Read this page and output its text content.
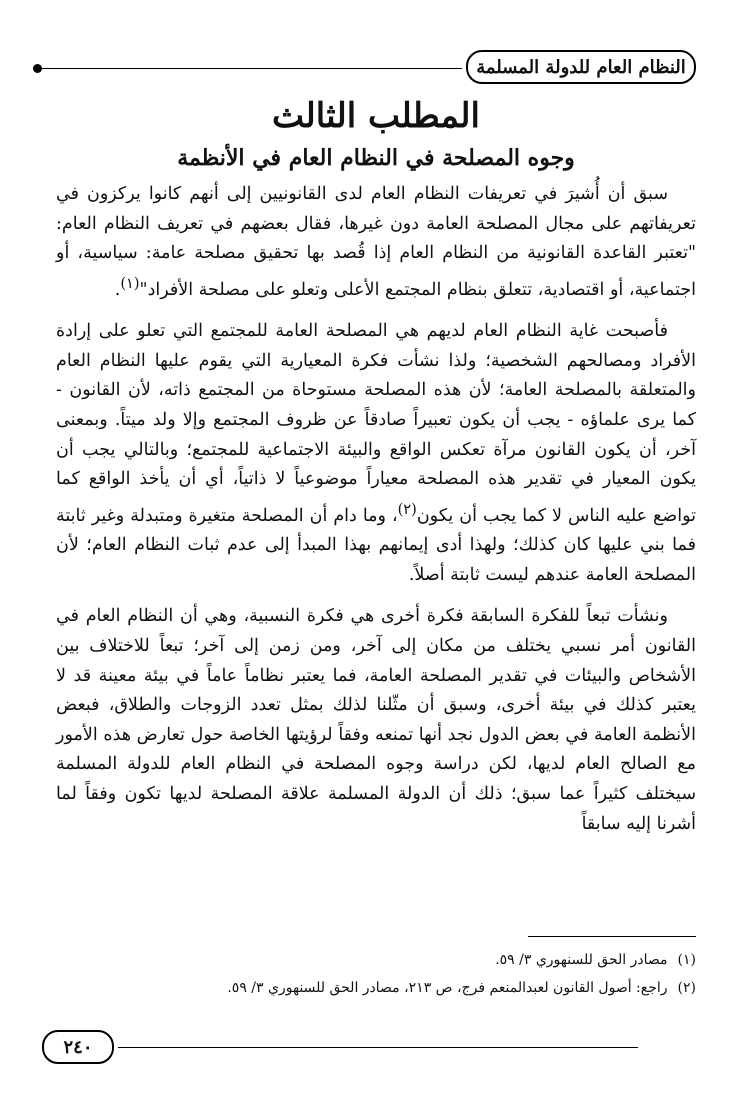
النظام العام للدولة المسلمة
المطلب الثالث
وجوه المصلحة في النظام العام في الأنظمة

سبق أن أُشيرَ في تعريفات النظام العام لدى القانونيين إلى أنهم كانوا يركزون في تعريفاتهم على مجال المصلحة العامة دون غيرها، فقال بعضهم في تعريف النظام العام: "تعتبر القاعدة القانونية من النظام العام إذا قُصد بها تحقيق مصلحة عامة: سياسية، أو اجتماعية، أو اقتصادية، تتعلق بنظام المجتمع الأعلى وتعلو على مصلحة الأفراد"$^{(١)}$.

فأصبحت غاية النظام العام لديهم هي المصلحة العامة للمجتمع التي تعلو على إرادة الأفراد ومصالحهم الشخصية؛ ولذا نشأت فكرة المعيارية التي يقوم عليها النظام العام والمتعلقة بالمصلحة العامة؛ لأن هذه المصلحة مستوحاة من المجتمع ذاته، لأن القانون - كما يرى علماؤه - يجب أن يكون تعبيراً صادقاً عن ظروف المجتمع وإلا ولد ميتاً. وبمعنى آخر، أن يكون القانون مرآة تعكس الواقع والبيئة الاجتماعية للمجتمع؛ وبالتالي يجب أن يكون المعيار في تقدير هذه المصلحة معياراً موضوعياً لا ذاتياً، أي أن يأخذ الواقع كما تواضع عليه الناس لا كما يجب أن يكون$^{(٢)}$، وما دام أن المصلحة متغيرة ومتبدلة وغير ثابتة فما بني عليها كان كذلك؛ ولهذا أدى إيمانهم بهذا المبدأ إلى عدم ثبات النظام العام؛ لأن المصلحة العامة عندهم ليست ثابتة أصلاً.

ونشأت تبعاً للفكرة السابقة فكرة أخرى هي فكرة النسبية، وهي أن النظام العام في القانون أمر نسبي يختلف من مكان إلى آخر، ومن زمن إلى آخر؛ تبعاً للاختلاف بين الأشخاص والبيئات في تقدير المصلحة العامة، فما يعتبر نظاماً عاماً في بيئة معينة قد لا يعتبر كذلك في بيئة أخرى، وسبق أن مثّلنا لذلك بمثل تعدد الزوجات والطلاق، فبعض الأنظمة العامة في بعض الدول نجد أنها تمنعه وفقاً لرؤيتها الخاصة حول تعارض هذه الأمور مع الصالح العام لديها، لكن دراسة وجوه المصلحة في النظام العام للدولة المسلمة سيختلف كثيراً عما سبق؛ ذلك أن الدولة المسلمة علاقة المصلحة لديها تكون وفقاً لما أشرنا إليه سابقاً

(١)مصادر الحق للسنهوري ٣/ ٥٩.
(٢)راجع: أصول القانون لعبدالمنعم فرج، ص ٢١٣، مصادر الحق للسنهوري ٣/ ٥٩.
٢٤٠
